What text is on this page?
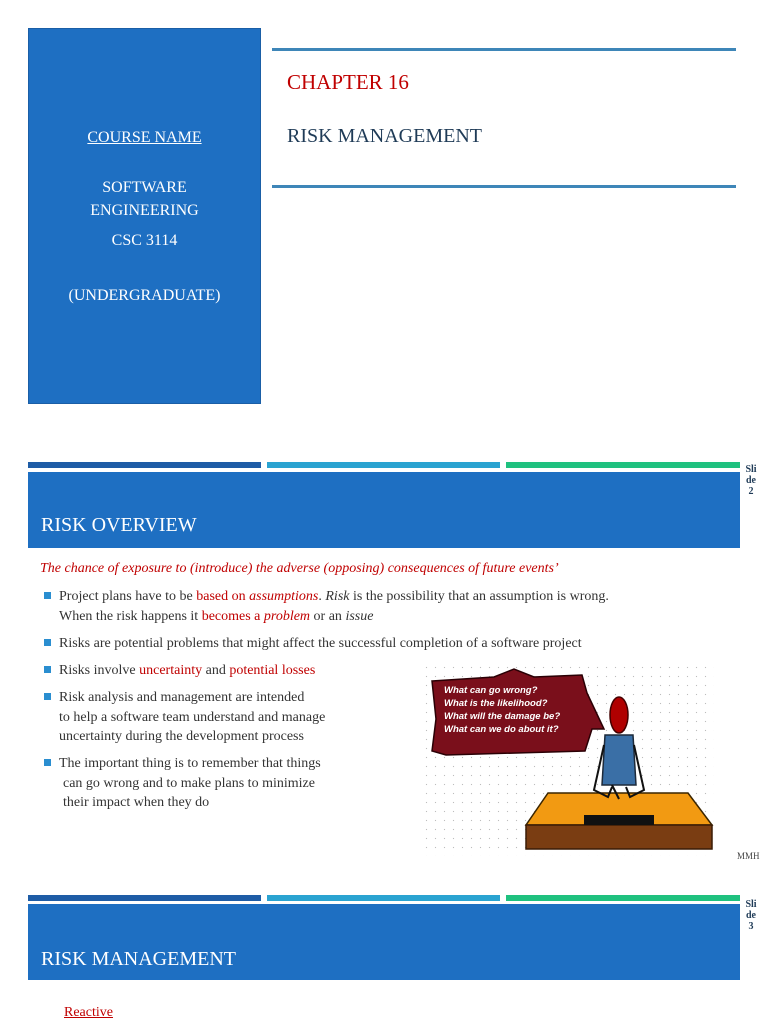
COURSE NAME
SOFTWARE
ENGINEERING
CSC 3114
(UNDERGRADUATE)
CHAPTER 16
RISK MANAGEMENT
RISK OVERVIEW
Slide 2
The chance of exposure to (introduce) the adverse (opposing) consequences of future events’
Project plans have to be based on assumptions. Risk is the possibility that an assumption is wrong.
When the risk happens it becomes a problem or an issue
Risks are potential problems that might affect the successful completion of a software project
Risks involve uncertainty and potential losses
Risk analysis and management are intended
to help a software team understand and manage
uncertainty during the development process
The important thing is to remember that things
can go wrong and to make plans to minimize
their impact when they do
What can go wrong?
What is the likelihood?
What will the damage be?
What can we do about it?
MMH
RISK MANAGEMENT
Slide 3
Reactive
